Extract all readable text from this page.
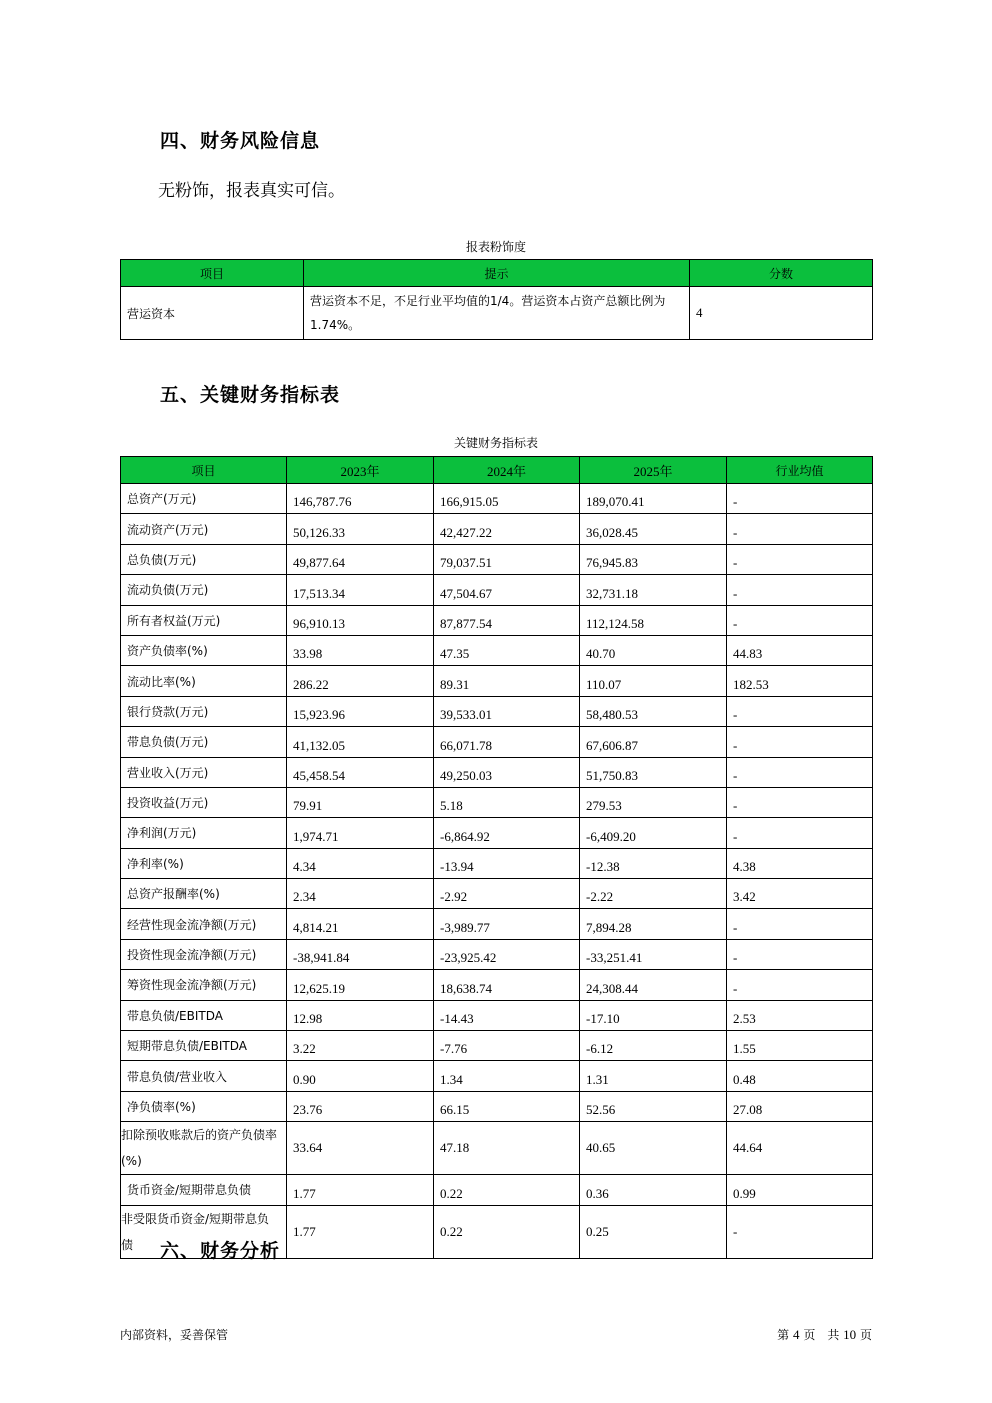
四、财务风险信息
无粉饰，报表真实可信。
报表粉饰度
项目	提示	分数
营运资本	营运资本不足，不足行业平均值的1/4。营运资本占资产总额比例为1.74%。	4
五、关键财务指标表
关键财务指标表
项目	2023年	2024年	2025年	行业均值
总资产(万元)	146,787.76	166,915.05	189,070.41	-
流动资产(万元)	50,126.33	42,427.22	36,028.45	-
总负债(万元)	49,877.64	79,037.51	76,945.83	-
流动负债(万元)	17,513.34	47,504.67	32,731.18	-
所有者权益(万元)	96,910.13	87,877.54	112,124.58	-
资产负债率(%)	33.98	47.35	40.70	44.83
流动比率(%)	286.22	89.31	110.07	182.53
银行贷款(万元)	15,923.96	39,533.01	58,480.53	-
带息负债(万元)	41,132.05	66,071.78	67,606.87	-
营业收入(万元)	45,458.54	49,250.03	51,750.83	-
投资收益(万元)	79.91	5.18	279.53	-
净利润(万元)	1,974.71	-6,864.92	-6,409.20	-
净利率(%)	4.34	-13.94	-12.38	4.38
总资产报酬率(%)	2.34	-2.92	-2.22	3.42
经营性现金流净额(万元)	4,814.21	-3,989.77	7,894.28	-
投资性现金流净额(万元)	-38,941.84	-23,925.42	-33,251.41	-
筹资性现金流净额(万元)	12,625.19	18,638.74	24,308.44	-
带息负债/EBITDA	12.98	-14.43	-17.10	2.53
短期带息负债/EBITDA	3.22	-7.76	-6.12	1.55
带息负债/营业收入	0.90	1.34	1.31	0.48
净负债率(%)	23.76	66.15	52.56	27.08
扣除预收账款后的资产负债率(%)	33.64	47.18	40.65	44.64
货币资金/短期带息负债	1.77	0.22	0.36	0.99
非受限货币资金/短期带息负债	1.77	0.22	0.25	-
六、财务分析
内部资料，妥善保管	第 4 页　共 10 页
